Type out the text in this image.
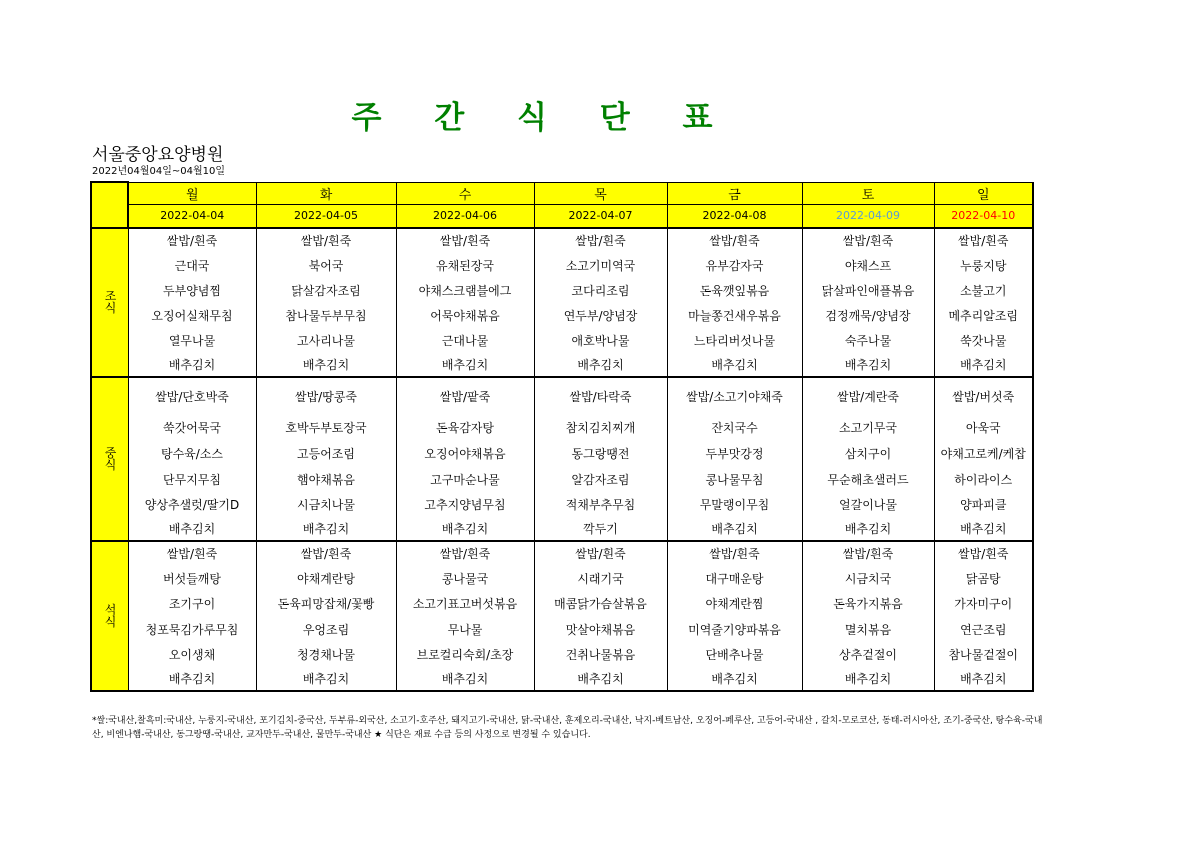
주 간 식 단 표
서울중앙요양병원
2022년04월04일~04월10일
	월	화	수	목	금	토	일
	2022-04-04	2022-04-05	2022-04-06	2022-04-07	2022-04-08	2022-04-09	2022-04-10
조식	쌀밥/흰죽	쌀밥/흰죽	쌀밥/흰죽	쌀밥/흰죽	쌀밥/흰죽	쌀밥/흰죽	쌀밥/흰죽
	근대국	북어국	유채된장국	소고기미역국	유부감자국	야채스프	누룽지탕
	두부양념찜	닭살감자조림	야채스크램블에그	코다리조림	돈육깻잎볶음	닭살파인애플볶음	소불고기
	오징어실채무침	참나물두부무침	어묵야채볶음	연두부/양념장	마늘쫑건새우볶음	검정깨묵/양념장	메추리알조림
	열무나물	고사리나물	근대나물	애호박나물	느타리버섯나물	숙주나물	쑥갓나물
	배추김치	배추김치	배추김치	배추김치	배추김치	배추김치	배추김치
중식	쌀밥/단호박죽	쌀밥/땅콩죽	쌀밥/팥죽	쌀밥/타락죽	쌀밥/소고기야채죽	쌀밥/계란죽	쌀밥/버섯죽
	쑥갓어묵국	호박두부토장국	돈육감자탕	참치김치찌개	잔치국수	소고기무국	아욱국
	탕수육/소스	고등어조림	오징어야채볶음	동그랑땡전	두부맛강정	삼치구이	야채고로케/케찹
	단무지무침	햄야채볶음	고구마순나물	알감자조림	콩나물무침	무순해초샐러드	하이라이스
	양상추샐럿/딸기D	시금치나물	고추지양념무침	적채부추무침	무말랭이무침	얼갈이나물	양파피클
	배추김치	배추김치	배추김치	깍두기	배추김치	배추김치	배추김치
석식	쌀밥/흰죽	쌀밥/흰죽	쌀밥/흰죽	쌀밥/흰죽	쌀밥/흰죽	쌀밥/흰죽	쌀밥/흰죽
	버섯들깨탕	야채계란탕	콩나물국	시래기국	대구매운탕	시금치국	닭곰탕
	조기구이	돈육피망잡채/꽃빵	소고기표고버섯볶음	매콤닭가슴살볶음	야채계란찜	돈육가지볶음	가자미구이
	청포묵김가루무침	우엉조림	무나물	맛살야채볶음	미역줄기양파볶음	멸치볶음	연근조림
	오이생채	청경채나물	브로컬리숙회/초장	건취나물볶음	단배추나물	상추겉절이	참나물겉절이
	배추김치	배추김치	배추김치	배추김치	배추김치	배추김치	배추김치
*쌀:국내산,찰흑미:국내산, 누룽지-국내산, 포기김치-중국산, 두부류-외국산, 소고기-호주산, 돼지고기-국내산, 닭-국내산, 훈제오리-국내산, 낙지-베트남산, 오징어-페루산, 고등어-국내산 , 갈치-모로코산, 동태-러시아산, 조기-중국산, 탕수육-국내산, 비엔나햄-국내산, 동그랑땡-국내산, 교자만두-국내산, 물만두-국내산 ★ 식단은 재료 수급 등의 사정으로 변경될 수 있습니다.
